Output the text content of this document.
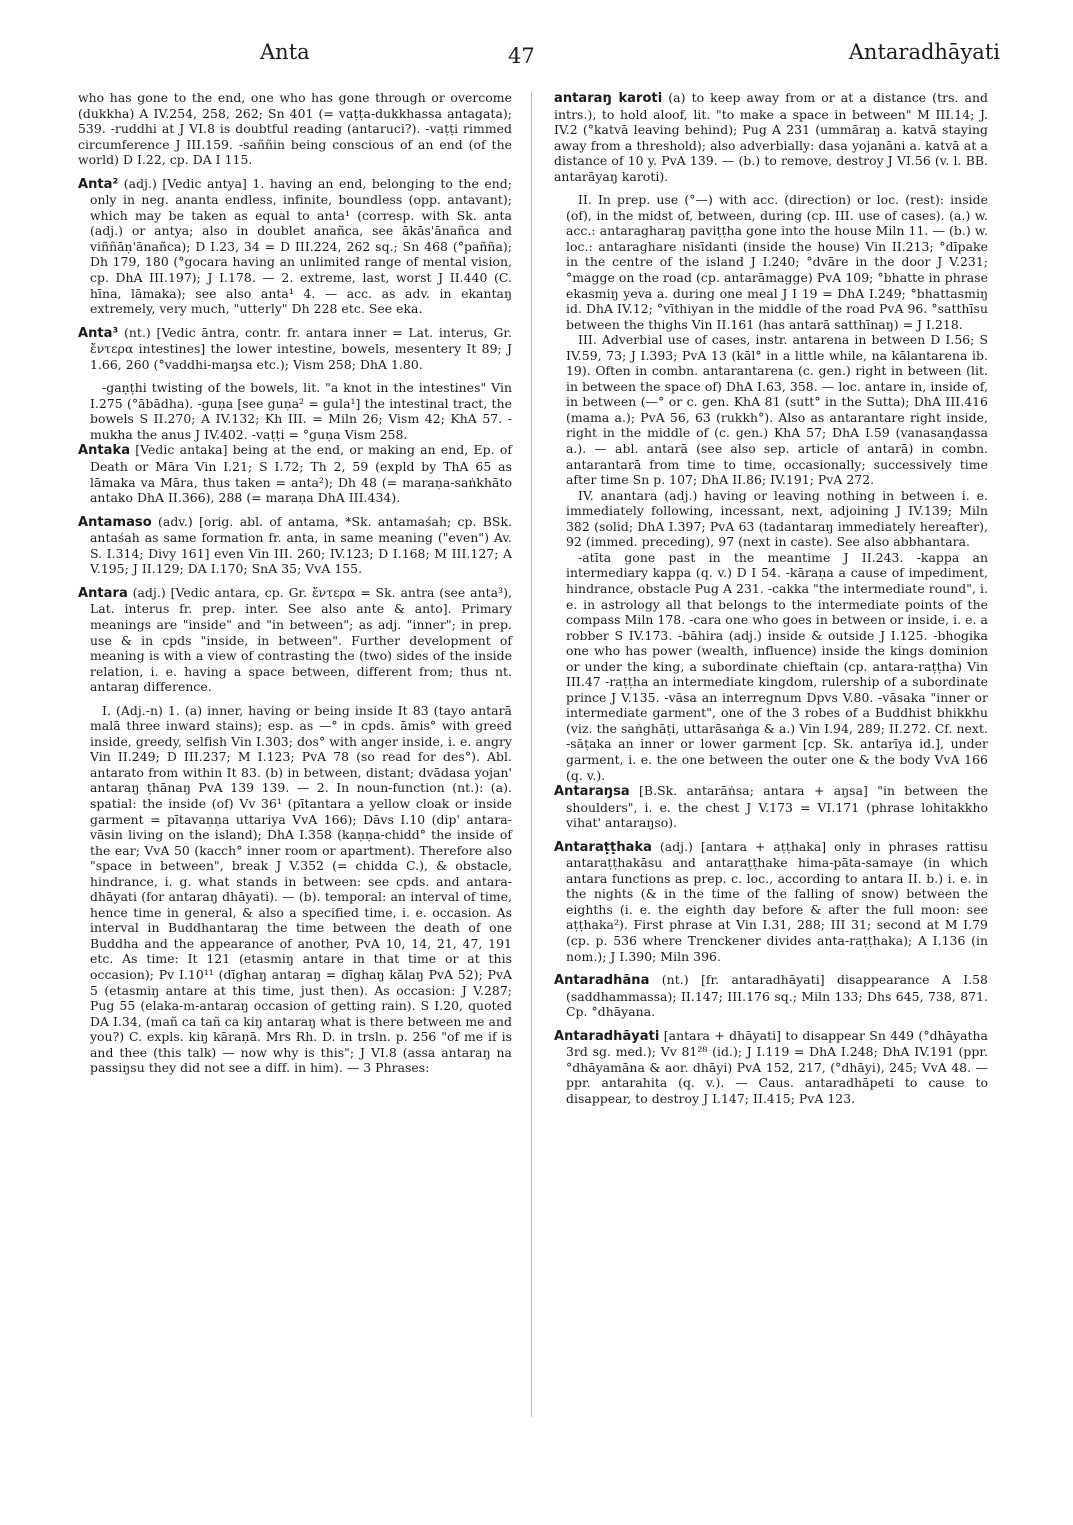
Anta	47	Antaradhāyati

who has gone to the end, one who has gone through or overcome (dukkha) A IV.254, 258, 262; Sn 401 (= vaṭṭa-dukkhassa antagata); 539. -ruddhi at J VI.8 is doubtful reading (antaruci?). -vaṭṭi rimmed circumference J III.159. -saññin being conscious of an end (of the world) D I.22, cp. DA I 115.

Anta² (adj.) [Vedic antya] 1. having an end, belonging to the end; only in neg. ananta endless, infinite, boundless (opp. antavant); which may be taken as equal to anta¹ (corresp. with Sk. anta (adj.) or antya; also in doublet anañca, see ākās'ānañca and viññāṇ'ānañca); D I.23, 34 = D III.224, 262 sq.; Sn 468 (°pañña); Dh 179, 180 (°gocara having an unlimited range of mental vision, cp. DhA III.197); J I.178. — 2. extreme, last, worst J II.440 (C. hīna, lāmaka); see also anta¹ 4. — acc. as adv. in ekantaŋ extremely, very much, "utterly" Dh 228 etc. See eka.

Anta³ (nt.) [Vedic āntra, contr. fr. antara inner = Lat. interus, Gr. ἔντερα intestines] the lower intestine, bowels, mesentery It 89; J 1.66, 260 (°vaddhi-maŋsa etc.); Vism 258; DhA 1.80.

-gaṇṭhi twisting of the bowels, lit. "a knot in the intestines" Vin I.275 (°ābādha). -guṇa [see guṇa² = gula¹] the intestinal tract, the bowels S II.270; A IV.132; Kh III. = Miln 26; Vism 42; KhA 57. -mukha the anus J IV.402. -vaṭṭi = °guṇa Vism 258.

Antaka [Vedic antaka] being at the end, or making an end, Ep. of Death or Māra Vin I.21; S I.72; Th 2, 59 (expld by ThA 65 as lāmaka va Māra, thus taken = anta²); Dh 48 (= maraṇa-saṅkhāto antako DhA II.366), 288 (= maraṇa DhA III.434).

Antamaso (adv.) [orig. abl. of antama, *Sk. antamaśah; cp. BSk. antaśah as same formation fr. anta, in same meaning ("even") Av. S. I.314; Divy 161] even Vin III. 260; IV.123; D I.168; M III.127; A V.195; J II.129; DA I.170; SnA 35; VvA 155.

Antara (adj.) [Vedic antara, cp. Gr. ἔντερα = Sk. antra (see anta³), Lat. interus fr. prep. inter. See also ante & anto]. Primary meanings are "inside" and "in between"; as adj. "inner"; in prep. use & in cpds "inside, in between". Further development of meaning is with a view of contrasting the (two) sides of the inside relation, i. e. having a space between, different from; thus nt. antaraŋ difference.

I. (Adj.-n) 1. (a) inner, having or being inside It 83 (tayo antarā malā three inward stains); esp. as —° in cpds. āmis° with greed inside, greedy, selfish Vin I.303; dos° with anger inside, i. e. angry Vin II.249; D III.237; M I.123; PvA 78 (so read for des°). Abl. antarato from within It 83. (b) in between, distant; dvādasa yojan' antaraŋ ṭhānaŋ PvA 139 139. — 2. In noun-function (nt.): (a). spatial: the inside (of) Vv 36¹ (pītantara a yellow cloak or inside garment = pītavaṇṇa uttariya VvA 166); Dāvs I.10 (dip' antara-vāsin living on the island); DhA I.358 (kaṇṇa-chidd° the inside of the ear; VvA 50 (kacch° inner room or apartment). Therefore also "space in between", break J V.352 (= chidda C.), & obstacle, hindrance, i. g. what stands in between: see cpds. and antara-dhāyati (for antaraŋ dhāyati). — (b). temporal: an interval of time, hence time in general, & also a specified time, i. e. occasion. As interval in Buddhantaraŋ the time between the death of one Buddha and the appearance of another, PvA 10, 14, 21, 47, 191 etc. As time: It 121 (etasmiŋ antare in that time or at this occasion); Pv I.10¹¹ (dīghaŋ antaraŋ = dīghaŋ kālaŋ PvA 52); PvA 5 (etasmiŋ antare at this time, just then). As occasion: J V.287; Pug 55 (elaka-m-antaraŋ occasion of getting rain). S I.20, quoted DA I.34, (mañ ca tañ ca kiŋ antaraŋ what is there between me and you?) C. expls. kiŋ kāraṇā. Mrs Rh. D. in trsln. p. 256 "of me if is and thee (this talk) — now why is this"; J VI.8 (assa antaraŋ na passiŋsu they did not see a diff. in him). — 3 Phrases:

antaraŋ karoti (a) to keep away from or at a distance (trs. and intrs.), to hold aloof, lit. "to make a space in between" M III.14; J. IV.2 (°katvā leaving behind); Pug A 231 (ummāraŋ a. katvā staying away from a threshold); also adverbially: dasa yojanāni a. katvā at a distance of 10 y. PvA 139. — (b.) to remove, destroy J VI.56 (v. l. BB. antarāyaŋ karoti).

II. In prep. use (°—) with acc. (direction) or loc. (rest): inside (of), in the midst of, between, during (cp. III. use of cases). (a.) w. acc.: antaragharaŋ paviṭṭha gone into the house Miln 11. — (b.) w. loc.: antaraghare nisīdanti (inside the house) Vin II.213; °dīpake in the centre of the island J I.240; °dvāre in the door J V.231; °magge on the road (cp. antarāmagge) PvA 109; °bhatte in phrase ekasmiŋ yeva a. during one meal J I 19 = DhA I.249; °bhattasmiŋ id. DhA IV.12; °vīthiyan in the middle of the road PvA 96. °satthīsu between the thighs Vin II.161 (has antarā satthīnaŋ) = J I.218.

III. Adverbial use of cases, instr. antarena in between D I.56; S IV.59, 73; J I.393; PvA 13 (kāl° in a little while, na kālantarena ib. 19). Often in combn. antarantarena (c. gen.) right in between (lit. in between the space of) DhA I.63, 358. — loc. antare in, inside of, in between (—° or c. gen. KhA 81 (sutt° in the Sutta); DhA III.416 (mama a.); PvA 56, 63 (rukkh°). Also as antarantare right inside, right in the middle of (c. gen.) KhA 57; DhA I.59 (vanasaṇḍassa a.). — abl. antarā (see also sep. article of antarā) in combn. antarantarā from time to time, occasionally; successively time after time Sn p. 107; DhA II.86; IV.191; PvA 272.

IV. anantara (adj.) having or leaving nothing in between i. e. immediately following, incessant, next, adjoining J IV.139; Miln 382 (solid; DhA I.397; PvA 63 (tadantaraŋ immediately hereafter), 92 (immed. preceding), 97 (next in caste). See also abbhantara.

-atīta gone past in the meantime J II.243. -kappa an intermediary kappa (q. v.) D I 54. -kāraṇa a cause of impediment, hindrance, obstacle Pug A 231. -cakka "the intermediate round", i. e. in astrology all that belongs to the intermediate points of the compass Miln 178. -cara one who goes in between or inside, i. e. a robber S IV.173. -bāhira (adj.) inside & outside J I.125. -bhogika one who has power (wealth, influence) inside the kings dominion or under the king, a subordinate chieftain (cp. antara-raṭṭha) Vin III.47 -raṭṭha an intermediate kingdom, rulership of a subordinate prince J V.135. -vāsa an interregnum Dpvs V.80. -vāsaka "inner or intermediate garment", one of the 3 robes of a Buddhist bhikkhu (viz. the saṅghāṭi, uttarāsaṅga & a.) Vin I.94, 289; II.272. Cf. next. -sāṭaka an inner or lower garment [cp. Sk. antarīya id.], under garment, i. e. the one between the outer one & the body VvA 166 (q. v.).

Antaraŋsa [B.Sk. antarāṅsa; antara + aŋsa] "in between the shoulders", i. e. the chest J V.173 = VI.171 (phrase lohitakkho vihat' antaraŋso).

Antaraṭṭhaka (adj.) [antara + aṭṭhaka] only in phrases rattisu antaraṭṭhakāsu and antaraṭṭhake hima-pāta-samaye (in which antara functions as prep. c. loc., according to antara II. b.) i. e. in the nights (& in the time of the falling of snow) between the eighths (i. e. the eighth day before & after the full moon: see aṭṭhaka²). First phrase at Vin I.31, 288; III 31; second at M I.79 (cp. p. 536 where Trenckener divides anta-raṭṭhaka); A I.136 (in nom.); J I.390; Miln 396.

Antaradhāna (nt.) [fr. antaradhāyati] disappearance A I.58 (saddhammassa); II.147; III.176 sq.; Miln 133; Dhs 645, 738, 871. Cp. °dhāyana.

Antaradhāyati [antara + dhāyati] to disappear Sn 449 (°dhāyatha 3rd sg. med.); Vv 81²⁸ (id.); J I.119 = DhA I.248; DhA IV.191 (ppr. °dhāyamāna & aor. dhāyi) PvA 152, 217, (°dhāyi), 245; VvA 48. — ppr. antarahita (q. v.). — Caus. antaradhāpeti to cause to disappear, to destroy J I.147; II.415; PvA 123.
